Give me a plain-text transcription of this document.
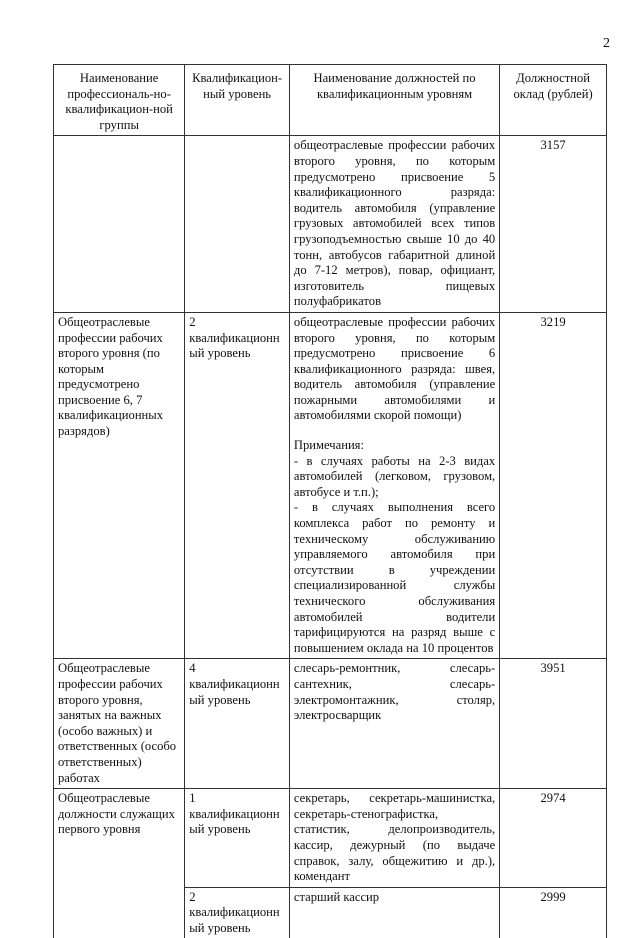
2
Наименование профессиональ-но-квалификацион-ной группы	Квалификацион-ный уровень	Наименование должностей по квалификационным уровням	Должностной оклад (рублей)

		общеотраслевые профессии рабочих второго уровня, по которым предусмотрено присвоение 5 квалификационного разряда: водитель автомобиля (управление грузовых автомобилей всех типов грузоподъемностью свыше 10 до 40 тонн, автобусов габаритной длиной до 7-12 метров), повар, официант, изготовитель пищевых полуфабрикатов	3157
Общеотраслевые профессии рабочих второго уровня (по которым предусмотрено присвоение 6, 7 квалификационных разрядов)	2 квалификационный уровень	общеотраслевые профессии рабочих второго уровня, по которым предусмотрено присвоение 6 квалификационного разряда: швея, водитель автомобиля (управление пожарными автомобилями и автомобилями скорой помощи)
Примечания:
- в случаях работы на 2-3 видах автомобилей (легковом, грузовом, автобусе и т.п.);
- в случаях выполнения всего комплекса работ по ремонту и техническому обслуживанию управляемого автомобиля при отсутствии в учреждении специализированной службы технического обслуживания автомобилей водители тарифицируются на разряд выше с повышением оклада на 10 процентов	3219
Общеотраслевые профессии рабочих второго уровня, занятых на важных (особо важных) и ответственных (особо ответственных) работах	4 квалификационный уровень	слесарь-ремонтник, слесарь-сантехник, слесарь-электромонтажник, столяр, электросварщик	3951
Общеотраслевые должности служащих первого уровня	1 квалификационный уровень	секретарь, секретарь-машинистка, секретарь-стенографистка, статистик, делопроизводитель, кассир, дежурный (по выдаче справок, залу, общежитию и др.), комендант	2974
	2 квалификационный уровень	старший кассир	2999
